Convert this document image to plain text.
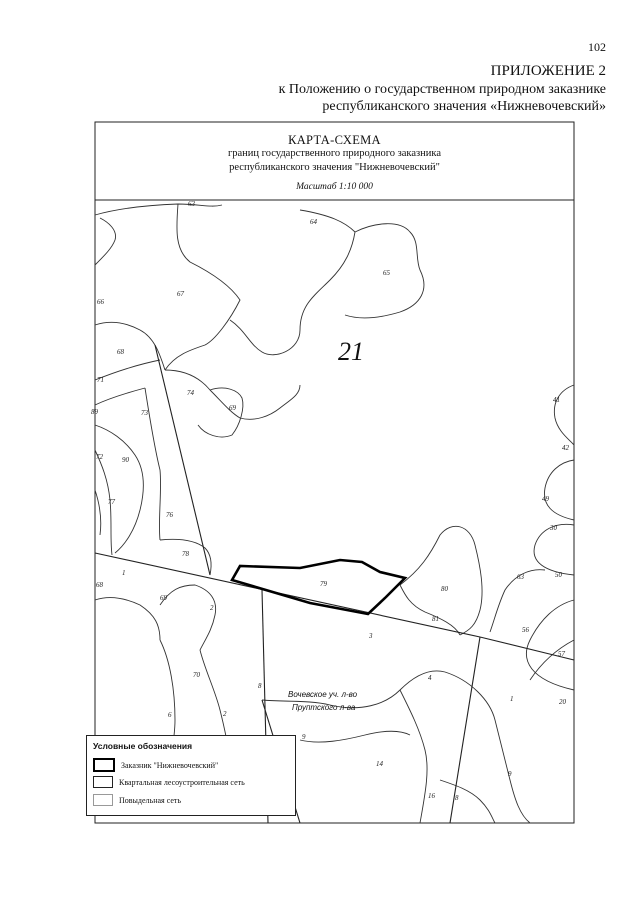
102
ПРИЛОЖЕНИЕ 2
к Положению о государственном природном заказнике
республиканского значения «Нижневочевский»
21
Вочевское уч. л-во
Пруптского л-ва
63
64
65
66
67
68
71
74
69
89	73
72	90
77
76
78
1
68
69
2
79
80
81
3
4
70
8
6	2
9
14
16	8
1
9
20
63
56
57
50
30
49
42
41
КАРТА-СХЕМА
границ государственного природного заказника
республиканского значения "Нижневочевский"
Масштаб 1:10 000
Условные обозначения
Заказник "Нижневочевский"
Квартальная лесоустроительная сеть
Повыдельная сеть
